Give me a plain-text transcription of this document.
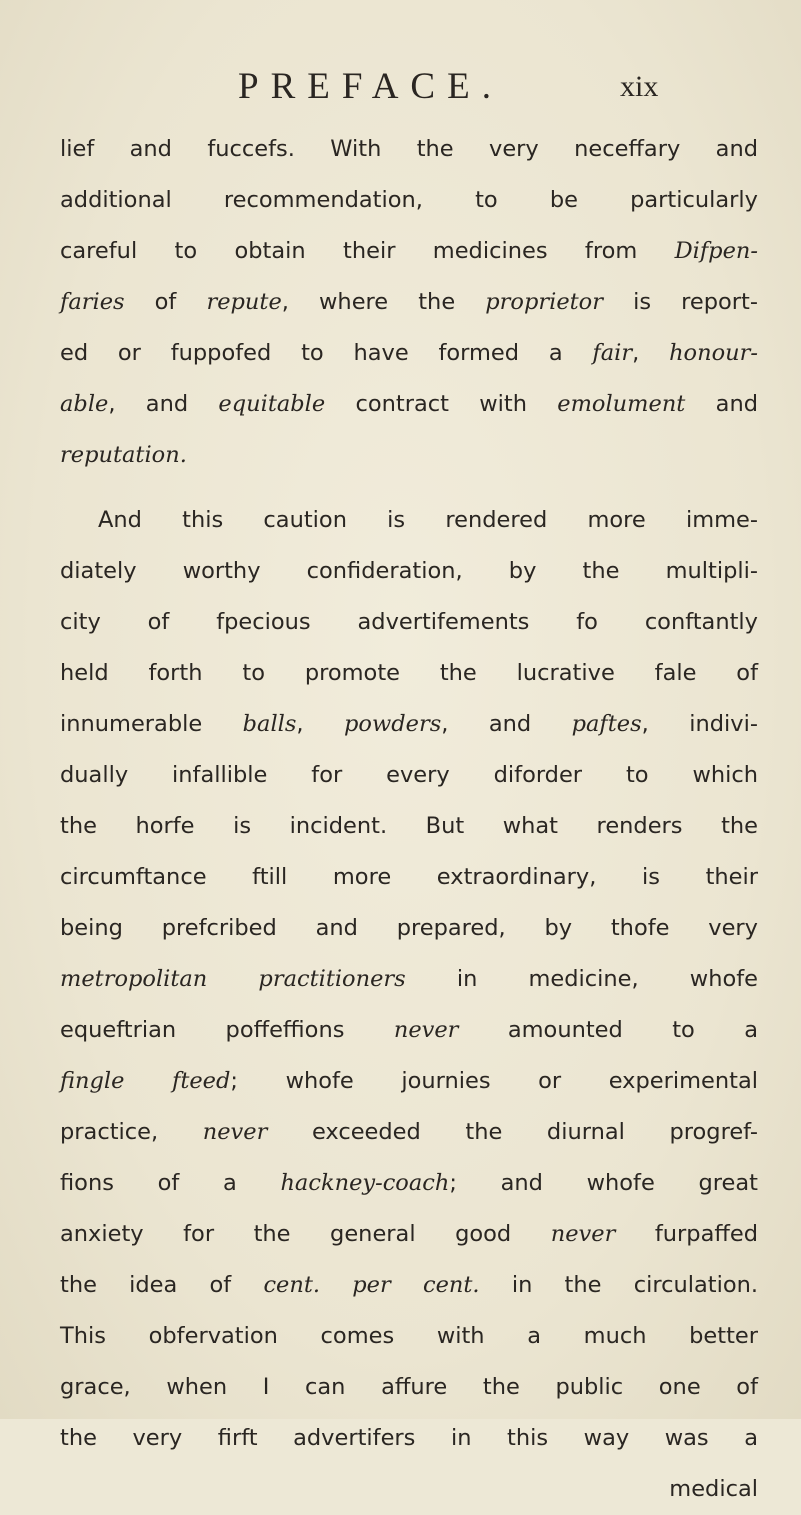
PREFACE.	xix
lief and fuccefs. With the very neceffary and
additional recommendation, to be particularly
careful to obtain their medicines from Difpen-
faries of repute, where the proprietor is report-
ed or fuppofed to have formed a fair, honour-
able, and equitable contract with emolument and
reputation.
And this caution is rendered more imme-
diately worthy confideration, by the multipli-
city of fpecious advertifements fo conftantly
held forth to promote the lucrative fale of
innumerable balls, powders, and paftes, indivi-
dually infallible for every diforder to which
the horfe is incident. But what renders the
circumftance ftill more extraordinary, is their
being prefcribed and prepared, by thofe very
metropolitan practitioners in medicine, whofe
equeftrian poffeffions never amounted to a
fingle fteed; whofe journies or experimental
practice, never exceeded the diurnal progref-
fions of a hackney-coach; and whofe great
anxiety for the general good never furpaffed
the idea of cent. per cent. in the circulation.
This obfervation comes with a much better
grace, when I can affure the public one of
the very firft advertifers in this way was a
medical
